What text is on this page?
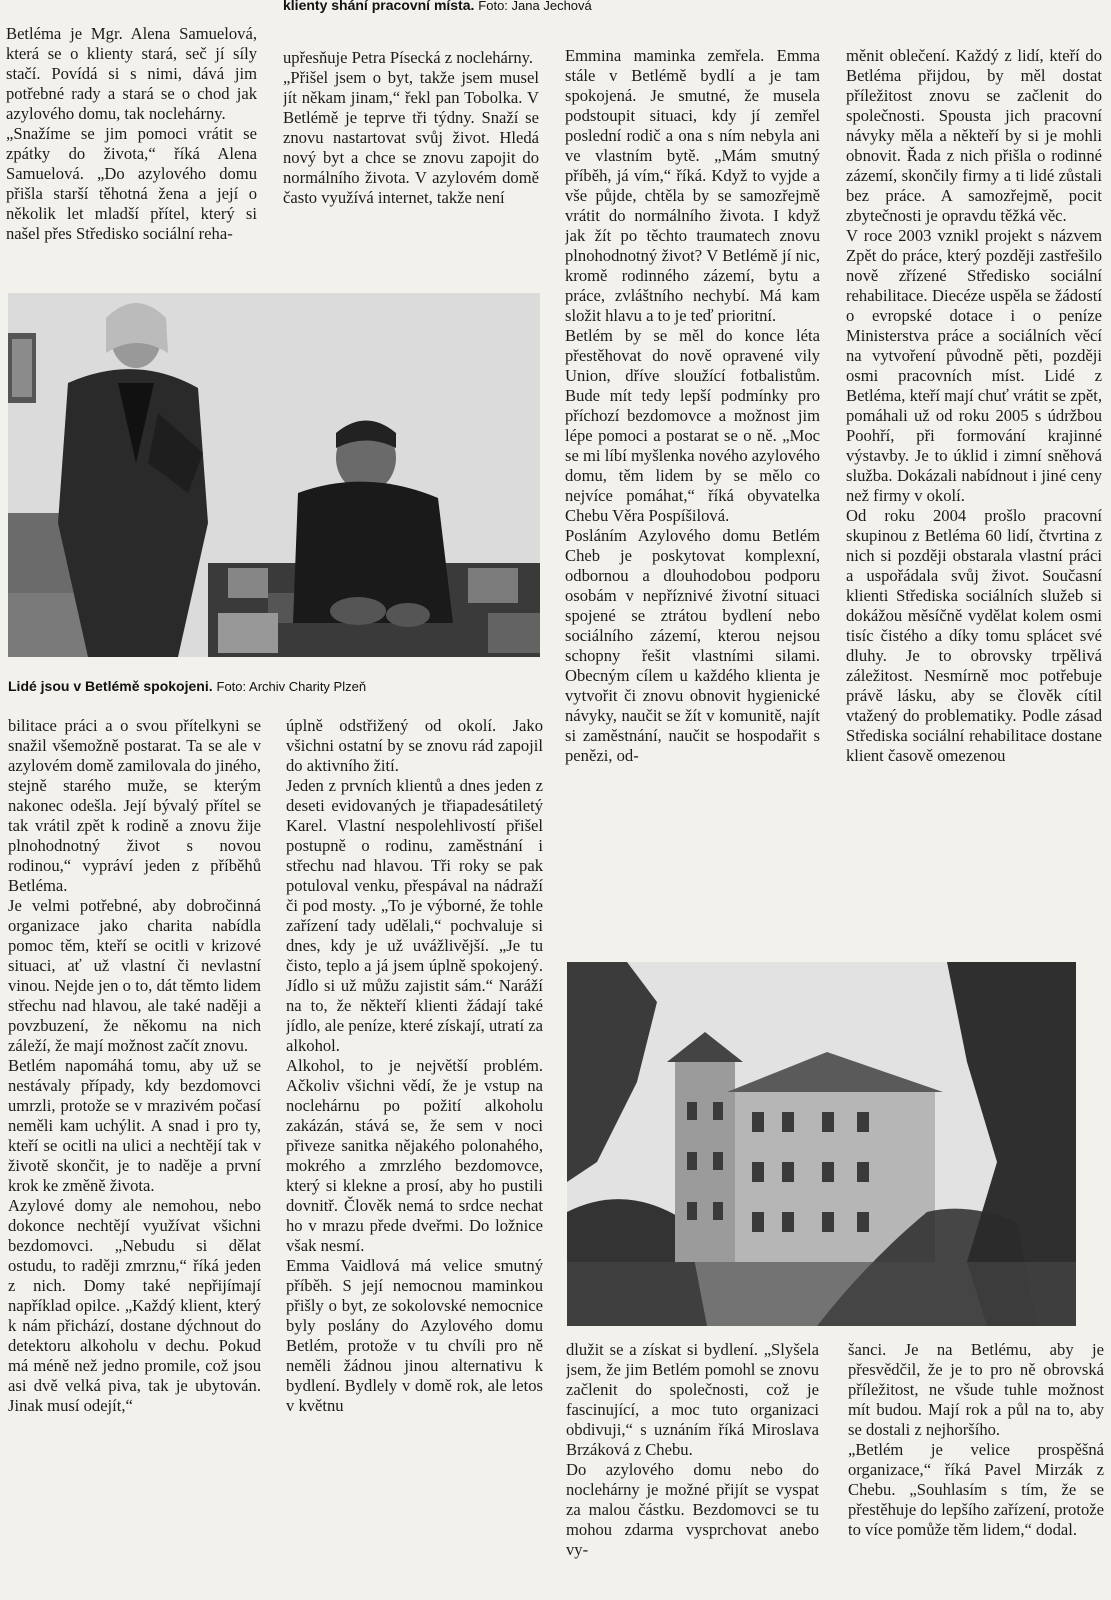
klienty shání pracovní místa. Foto: Jana Jechová
Betléma je Mgr. Alena Samuelová, která se o klienty stará, seč jí síly stačí. Povídá si s nimi, dává jim potřebné rady a stará se o chod jak azylového domu, tak noclehárny.
„Snažíme se jim pomoci vrátit se zpátky do života,“ říká Alena Samuelová. „Do azylového domu přišla starší těhotná žena a její o několik let mladší přítel, který si našel přes Středisko sociální reha-
upřesňuje Petra Písecká z noclehárny.
„Přišel jsem o byt, takže jsem musel jít někam jinam,“ řekl pan Tobolka. V Betlémě je teprve tři týdny. Snaží se znovu nastartovat svůj život. Hledá nový byt a chce se znovu zapojit do normálního života. V azylovém domě často využívá internet, takže není
Emmina maminka zemřela. Emma stále v Betlémě bydlí a je tam spokojená. Je smutné, že musela podstoupit situaci, kdy jí zemřel poslední rodič a ona s ním nebyla ani ve vlastním bytě. „Mám smutný příběh, já vím,“ říká. Když to vyjde a vše půjde, chtěla by se samozřejmě vrátit do normálního života. I když jak žít po těchto traumatech znovu plnohodnotný život? V Betlémě jí nic, kromě rodinného zázemí, bytu a práce, zvláštního nechybí. Má kam složit hlavu a to je teď prioritní.
Betlém by se měl do konce léta přestěhovat do nově opravené vily Union, dříve sloužící fotbalistům. Bude mít tedy lepší podmínky pro příchozí bezdomovce a možnost jim lépe pomoci a postarat se o ně. „Moc se mi líbí myšlenka nového azylového domu, těm lidem by se mělo co nejvíce pomáhat,“ říká obyvatelka Chebu Věra Pospíšilová.
Posláním Azylového domu Betlém Cheb je poskytovat komplexní, odbornou a dlouhodobou podporu osobám v nepříznivé životní situaci spojené se ztrátou bydlení nebo sociálního zázemí, kterou nejsou schopny řešit vlastními silami. Obecným cílem u každého klienta je vytvořit či znovu obnovit hygienické návyky, naučit se žít v komunitě, najít si zaměstnání, naučit se hospodařit s penězi, od-
měnit oblečení. Každý z lidí, kteří do Betléma přijdou, by měl dostat příležitost znovu se začlenit do společnosti. Spousta jich pracovní návyky měla a někteří by si je mohli obnovit. Řada z nich přišla o rodinné zázemí, skončily firmy a ti lidé zůstali bez práce. A samozřejmě, pocit zbytečnosti je opravdu těžká věc.
V roce 2003 vznikl projekt s názvem Zpět do práce, který později zastřešilo nově zřízené Středisko sociální rehabilitace. Diecéze uspěla se žádostí o evropské dotace i o peníze Ministerstva práce a sociálních věcí na vytvoření původně pěti, později osmi pracovních míst. Lidé z Betléma, kteří mají chuť vrátit se zpět, pomáhali už od roku 2005 s údržbou Poohří, při formování krajinné výstavby. Je to úklid i zimní sněhová služba. Dokázali nabídnout i jiné ceny než firmy v okolí.
Od roku 2004 prošlo pracovní skupinou z Betléma 60 lidí, čtvrtina z nich si později obstarala vlastní práci a uspořádala svůj život. Současní klienti Střediska sociálních služeb si dokážou měsíčně vydělat kolem osmi tisíc čistého a díky tomu splácet své dluhy. Je to obrovsky trpělivá záležitost. Nesmírně moc potřebuje právě lásku, aby se člověk cítil vtažený do problematiky. Podle zásad Střediska sociální rehabilitace dostane klient časově omezenou
Lidé jsou v Betlémě spokojeni. Foto: Archiv Charity Plzeň
bilitace práci a o svou přítelkyni se snažil všemožně postarat. Ta se ale v azylovém domě zamilovala do jiného, stejně starého muže, se kterým nakonec odešla. Její bývalý přítel se tak vrátil zpět k rodině a znovu žije plnohodnotný život s novou rodinou,“ vypráví jeden z příběhů Betléma.
Je velmi potřebné, aby dobročinná organizace jako charita nabídla pomoc těm, kteří se ocitli v krizové situaci, ať už vlastní či nevlastní vinou. Nejde jen o to, dát těmto lidem střechu nad hlavou, ale také naději a povzbuzení, že někomu na nich záleží, že mají možnost začít znovu.
Betlém napomáhá tomu, aby už se nestávaly případy, kdy bezdomovci umrzli, protože se v mrazivém počasí neměli kam uchýlit. A snad i pro ty, kteří se ocitli na ulici a nechtějí tak v životě skončit, je to naděje a první krok ke změně života.
Azylové domy ale nemohou, nebo dokonce nechtějí využívat všichni bezdomovci. „Nebudu si dělat ostudu, to raději zmrznu,“ říká jeden z nich. Domy také nepřijímají například opilce. „Každý klient, který k nám přichází, dostane dýchnout do detektoru alkoholu v dechu. Pokud má méně než jedno promile, což jsou asi dvě velká piva, tak je ubytován. Jinak musí odejít,“
úplně odstřižený od okolí. Jako všichni ostatní by se znovu rád zapojil do aktivního žití.
Jeden z prvních klientů a dnes jeden z deseti evidovaných je třiapadesátiletý Karel. Vlastní nespolehlivostí přišel postupně o rodinu, zaměstnání i střechu nad hlavou. Tři roky se pak potuloval venku, přespával na nádraží či pod mosty. „To je výborné, že tohle zařízení tady udělali,“ pochvaluje si dnes, kdy je už uvážlivější. „Je tu čisto, teplo a já jsem úplně spokojený. Jídlo si už můžu zajistit sám.“ Naráží na to, že někteří klienti žádají také jídlo, ale peníze, které získají, utratí za alkohol.
Alkohol, to je největší problém. Ačkoliv všichni vědí, že je vstup na noclehárnu po požití alkoholu zakázán, stává se, že sem v noci přiveze sanitka nějakého polonahého, mokrého a zmrzlého bezdomovce, který si klekne a prosí, aby ho pustili dovnitř. Člověk nemá to srdce nechat ho v mrazu přede dveřmi. Do ložnice však nesmí.
Emma Vaidlová má velice smutný příběh. S její nemocnou maminkou přišly o byt, ze sokolovské nemocnice byly poslány do Azylového domu Betlém, protože v tu chvíli pro ně neměli žádnou jinou alternativu k bydlení. Bydlely v domě rok, ale letos v květnu
dlužit se a získat si bydlení. „Slyšela jsem, že jim Betlém pomohl se znovu začlenit do společnosti, což je fascinující, a moc tuto organizaci obdivuji,“ s uznáním říká Miroslava Brzáková z Chebu.
Do azylového domu nebo do noclehárny je možné přijít se vyspat za malou částku. Bezdomovci se tu mohou zdarma vysprchovat anebo vy-
šanci. Je na Betlému, aby je přesvědčil, že je to pro ně obrovská příležitost, ne všude tuhle možnost mít budou. Mají rok a půl na to, aby se dostali z nejhoršího.
„Betlém je velice prospěšná organizace,“ říká Pavel Mirzák z Chebu. „Souhlasím s tím, že se přestěhuje do lepšího zařízení, protože to více pomůže těm lidem,“ dodal.
